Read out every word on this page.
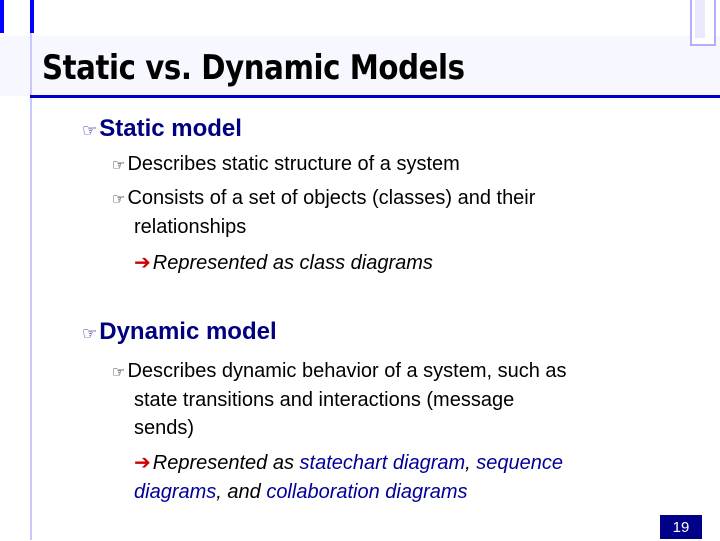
Static vs. Dynamic Models
☞Static model
☞ Describes static structure of a system
☞ Consists of a set of objects (classes) and their
relationships
➔ Represented as class diagrams
☞Dynamic model
☞ Describes dynamic behavior of a system, such as
state transitions and interactions (message
sends)
➔ Represented as statechart diagram, sequence
diagrams, and collaboration diagrams
19
